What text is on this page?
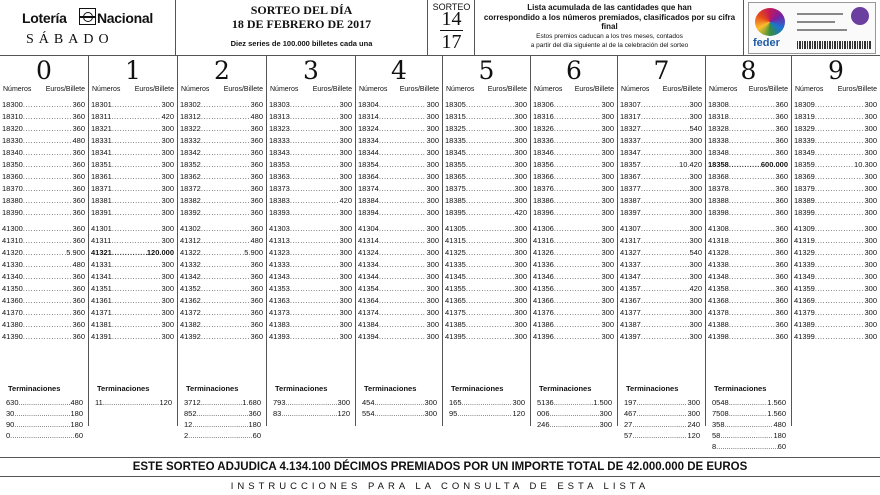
Lotería Nacional
SÁBADO
SORTEO DEL DÍA
18 DE FEBRERO DE 2017
Diez series de 100.000 billetes cada una
SORTEO
14
17
Lista acumulada de las cantidades que han
correspondido a los números premiados, clasificados por su cifra final
Estos premios caducan a los tres meses, contados
a partir del día siguiente al de la celebración del sorteo	feder
0
Números Euros/Billete
18300 .....	360
18310 .....	360
18320 .....	360
18330 .....	480
18340 .....	360
18350 .....	360
18360 .....	360
18370 .....	360
18380 .....	360
18390 .....	360
41300 .....	360
41310 .....	360
41320 .....	5.900
41330 .....	480
41340 .....	360
41350 .....	360
41360 .....	360
41370 .....	360
41380 .....	360
41390 .....	360
Terminaciones
630 .....	480
30 .....	180
90 .....	180
0 .....	60
1
Números Euros/Billete
18301 .....	300
18311 .....	420
18321 .....	300
18331 .....	300
18341 .....	300
18351 .....	300
18361 .....	300
18371 .....	300
18381 .....	300
18391 .....	300
41301 .....	300
41311 .....	300
41321 .....	120.000
41331 .....	300
41341 .....	300
41351 .....	300
41361 .....	300
41371 .....	300
41381 .....	300
41391 .....	300
Terminaciones
11 .....	120
2
Números Euros/Billete
18302 .....	360
18312 .....	480
18322 .....	360
18332 .....	360
18342 .....	360
18352 .....	360
18362 .....	360
18372 .....	360
18382 .....	360
18392 .....	360
41302 .....	360
41312 .....	480
41322 .....	5.900
41332 .....	360
41342 .....	360
41352 .....	360
41362 .....	360
41372 .....	360
41382 .....	360
41392 .....	360
Terminaciones
3712 .....	1.680
852 .....	360
12 .....	180
2 .....	60
3
Números Euros/Billete
18303 .....	300
18313 .....	300
18323 .....	300
18333 .....	300
18343 .....	300
18353 .....	300
18363 .....	300
18373 .....	300
18383 .....	420
18393 .....	300
41303 .....	300
41313 .....	300
41323 .....	300
41333 .....	300
41343 .....	300
41353 .....	300
41363 .....	300
41373 .....	300
41383 .....	300
41393 .....	300
Terminaciones
793 .....	300
83 .....	120
4
Números Euros/Billete
18304 .....	300
18314 .....	300
18324 .....	300
18334 .....	300
18344 .....	300
18354 .....	300
18364 .....	300
18374 .....	300
18384 .....	300
18394 .....	300
41304 .....	300
41314 .....	300
41324 .....	300
41334 .....	300
41344 .....	300
41354 .....	300
41364 .....	300
41374 .....	300
41384 .....	300
41394 .....	300
Terminaciones
454 .....	300
554 .....	300
5
Números Euros/Billete
18305 .....	300
18315 .....	300
18325 .....	300
18335 .....	300
18345 .....	300
18355 .....	300
18365 .....	300
18375 .....	300
18385 .....	300
18395 .....	420
41305 .....	300
41315 .....	300
41325 .....	300
41335 .....	300
41345 .....	300
41355 .....	300
41365 .....	300
41375 .....	300
41385 .....	300
41395 .....	300
Terminaciones
165 .....	300
95 .....	120
6
Números Euros/Billete
18306 .....	300
18316 .....	300
18326 .....	300
18336 .....	300
18346 .....	300
18356 .....	300
18366 .....	300
18376 .....	300
18386 .....	300
18396 .....	300
41306 .....	300
41316 .....	300
41326 .....	300
41336 .....	300
41346 .....	300
41356 .....	300
41366 .....	300
41376 .....	300
41386 .....	300
41396 .....	300
Terminaciones
5136 .....	1.500
006 .....	300
246 .....	300
7
Números Euros/Billete
18307 .....	300
18317 .....	300
18327 .....	540
18337 .....	300
18347 .....	300
18357 .....	10.420
18367 .....	300
18377 .....	300
18387 .....	300
18397 .....	300
41307 .....	300
41317 .....	300
41327 .....	540
41337 .....	300
41347 .....	300
41357 .....	420
41367 .....	300
41377 .....	300
41387 .....	300
41397 .....	300
Terminaciones
197 .....	300
467 .....	300
27 .....	240
57 .....	120
8
Números Euros/Billete
18308 .....	360
18318 .....	360
18328 .....	360
18338 .....	360
18348 .....	360
18358 .....	600.000
18368 .....	360
18378 .....	360
18388 .....	360
18398 .....	360
41308 .....	360
41318 .....	360
41328 .....	360
41338 .....	360
41348 .....	360
41358 .....	360
41368 .....	360
41378 .....	360
41388 .....	360
41398 .....	360
Terminaciones
0548 .....	1.560
7508 .....	1.560
358 .....	480
58 .....	180
8 .....	60
9
Números Euros/Billete
18309 .....	300
18319 .....	300
18329 .....	300
18339 .....	300
18349 .....	300
18359 .....	10.300
18369 .....	300
18379 .....	300
18389 .....	300
18399 .....	300
41309 .....	300
41319 .....	300
41329 .....	300
41339 .....	300
41349 .....	300
41359 .....	300
41369 .....	300
41379 .....	300
41389 .....	300
41399 .....	300
ESTE SORTEO ADJUDICA 4.134.100 DÉCIMOS PREMIADOS POR UN IMPORTE TOTAL DE 42.000.000 DE EUROS
INSTRUCCIONES PARA LA CONSULTA DE ESTA LISTA
